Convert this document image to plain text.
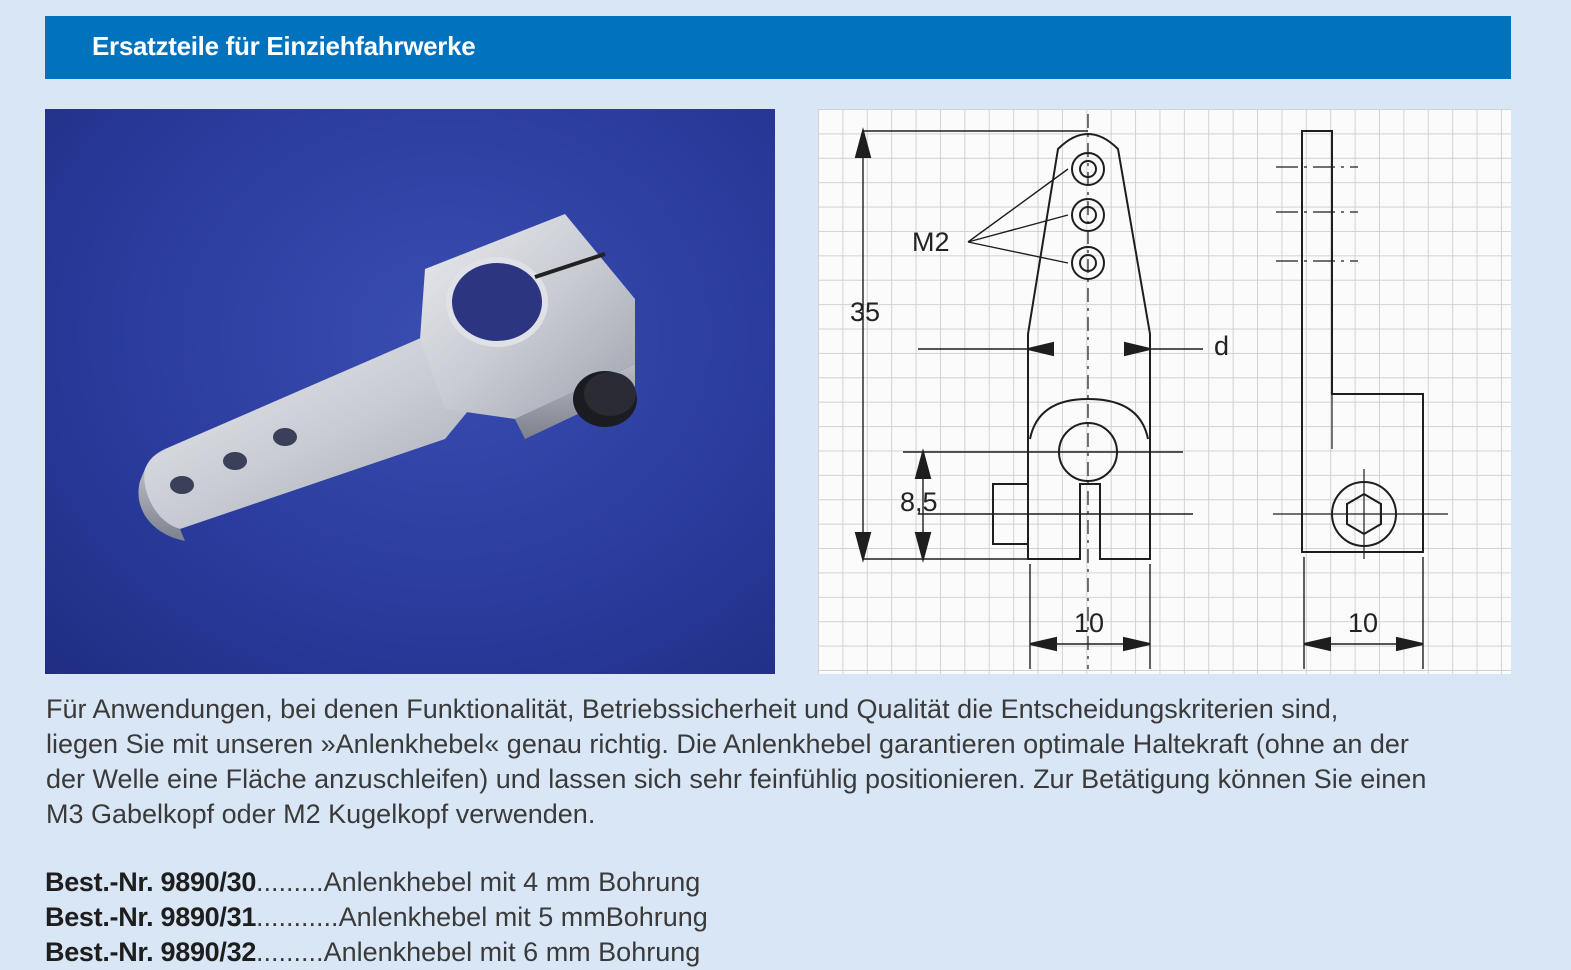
Ersatzteile für Einziehfahrwerke
M2
35
d
8,5
10	10

Für Anwendungen, bei denen Funktionalität, Betriebssicherheit und Qualität die Entscheidungskriterien sind,
liegen Sie mit unseren »Anlenkhebel« genau richtig. Die Anlenkhebel garantieren optimale Haltekraft (ohne an der
der Welle eine Fläche anzuschleifen) und lassen sich sehr feinfühlig positionieren. Zur Betätigung können Sie einen
M3 Gabelkopf oder M2 Kugelkopf verwenden.

Best.-Nr. 9890/30 ......... Anlenkhebel mit 4 mm Bohrung
Best.-Nr. 9890/31 ........... Anlenkhebel mit 5 mmBohrung
Best.-Nr. 9890/32 ......... Anlenkhebel mit 6 mm Bohrung
